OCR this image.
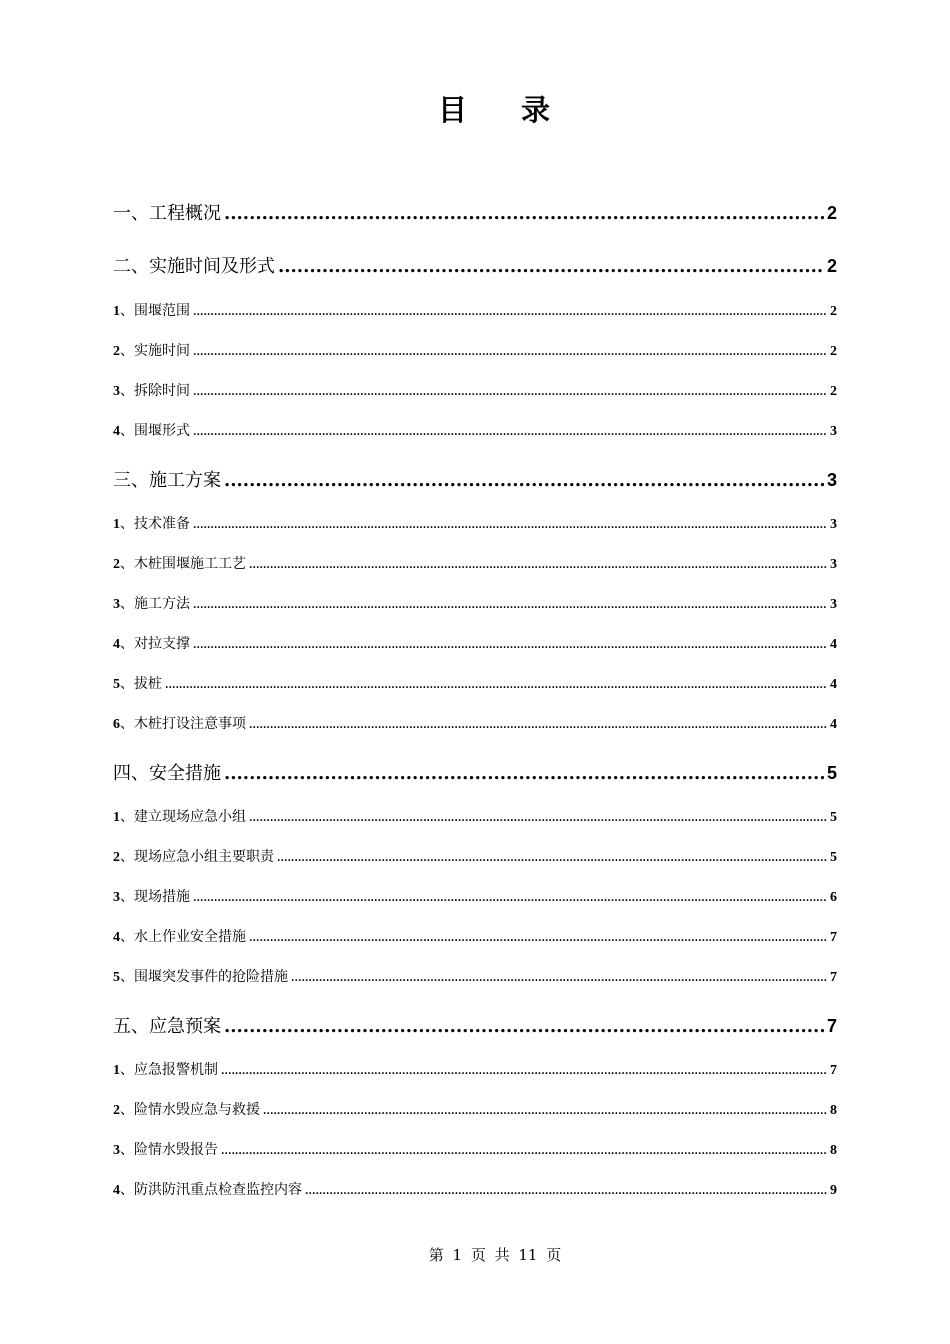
目 录
一、工程概况 .....	2
二、实施时间及形式 .....	2
1、围堰范围 .....	2
2、实施时间 .....	2
3、拆除时间 .....	2
4、围堰形式 .....	3
三、施工方案 .....	3
1、技术准备 .....	3
2、木桩围堰施工工艺 .....	3
3、施工方法 .....	3
4、对拉支撑 .....	4
5、拔桩 .....	4
6、木桩打设注意事项 .....	4
四、安全措施 .....	5
1、建立现场应急小组 .....	5
2、现场应急小组主要职责 .....	5
3、现场措施 .....	6
4、水上作业安全措施 .....	7
5、围堰突发事件的抢险措施 .....	7
五、应急预案 .....	7
1、应急报警机制 .....	7
2、险情水毁应急与救援 .....	8
3、险情水毁报告 .....	8
4、防洪防汛重点检查监控内容 .....	9
第 1 页 共 11 页
